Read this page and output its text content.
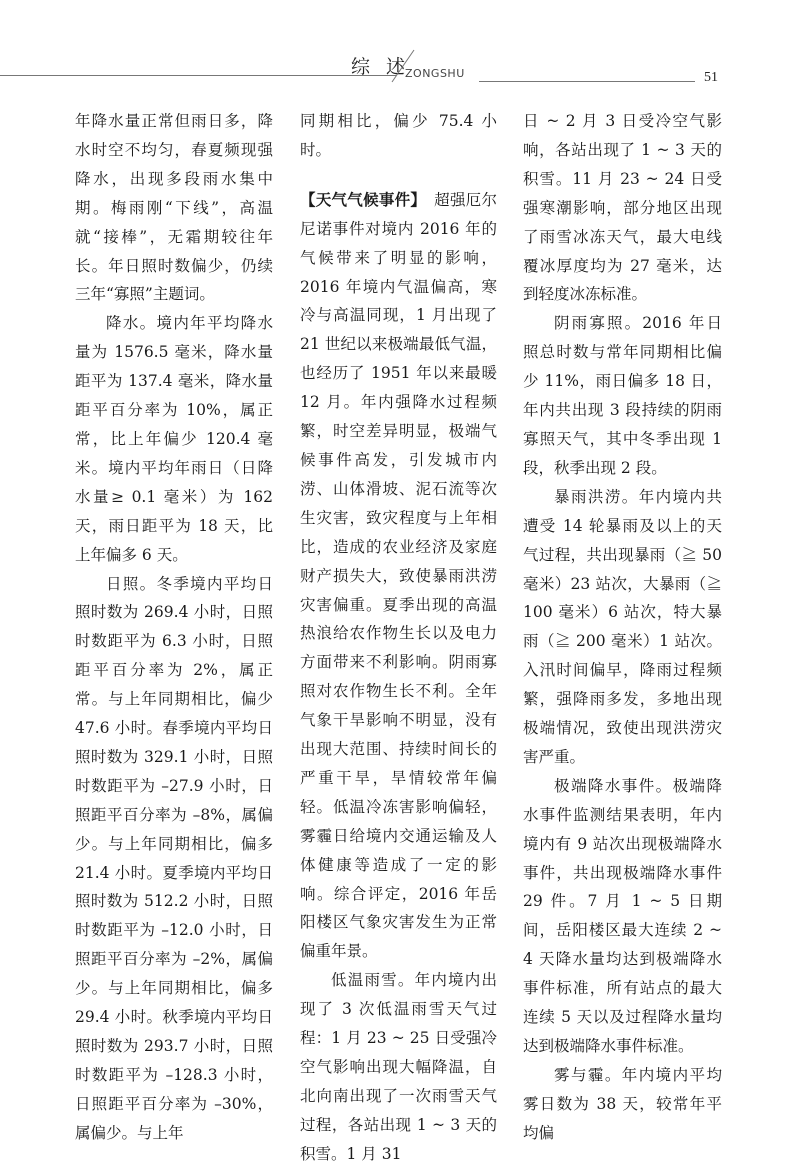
综 述
ZONGSHU	51

年降水量正常但雨日多，降水时空不均匀，春夏频现强降水，出现多段雨水集中期。梅雨刚“下线”，高温就“接棒”，无霜期较往年长。年日照时数偏少，仍续三年“寡照”主题词。

降水。境内年平均降水量为 1576.5 毫米，降水量距平为 137.4 毫米，降水量距平百分率为 10%，属正常，比上年偏少 120.4 毫米。境内平均年雨日（日降水量≥ 0.1 毫米）为 162 天，雨日距平为 18 天，比上年偏多 6 天。

日照。冬季境内平均日照时数为 269.4 小时，日照时数距平为 6.3 小时，日照距平百分率为 2%，属正常。与上年同期相比，偏少 47.6 小时。春季境内平均日照时数为 329.1 小时，日照时数距平为 –27.9 小时，日照距平百分率为 –8%，属偏少。与上年同期相比，偏多 21.4 小时。夏季境内平均日照时数为 512.2 小时，日照时数距平为 –12.0 小时，日照距平百分率为 –2%，属偏少。与上年同期相比，偏多 29.4 小时。秋季境内平均日照时数为 293.7 小时，日照时数距平为 –128.3 小时，日照距平百分率为 –30%，属偏少。与上年

同期相比，偏少 75.4 小时。

【天气气候事件】  超强厄尔尼诺事件对境内 2016 年的气候带来了明显的影响，2016 年境内气温偏高，寒冷与高温同现，1 月出现了 21 世纪以来极端最低气温，也经历了 1951 年以来最暖 12 月。年内强降水过程频繁，时空差异明显，极端气候事件高发，引发城市内涝、山体滑坡、泥石流等次生灾害，致灾程度与上年相比，造成的农业经济及家庭财产损失大，致使暴雨洪涝灾害偏重。夏季出现的高温热浪给农作物生长以及电力方面带来不利影响。阴雨寡照对农作物生长不利。全年气象干旱影响不明显，没有出现大范围、持续时间长的严重干旱，旱情较常年偏轻。低温冷冻害影响偏轻，雾霾日给境内交通运输及人体健康等造成了一定的影响。综合评定，2016 年岳阳楼区气象灾害发生为正常偏重年景。

低温雨雪。年内境内出现了 3 次低温雨雪天气过程：1 月 23 ~ 25 日受强冷空气影响出现大幅降温，自北向南出现了一次雨雪天气过程，各站出现 1 ~ 3 天的积雪。1 月 31

日 ~ 2 月 3 日受冷空气影响，各站出现了 1 ~ 3 天的积雪。11 月 23 ~ 24 日受强寒潮影响，部分地区出现了雨雪冰冻天气，最大电线覆冰厚度均为 27 毫米，达到轻度冰冻标准。

阴雨寡照。2016 年日照总时数与常年同期相比偏少 11%，雨日偏多 18 日，年内共出现 3 段持续的阴雨寡照天气，其中冬季出现 1 段，秋季出现 2 段。

暴雨洪涝。年内境内共遭受 14 轮暴雨及以上的天气过程，共出现暴雨（≧ 50 毫米）23 站次，大暴雨（≧ 100 毫米）6 站次，特大暴雨（≧ 200 毫米）1 站次。入汛时间偏早，降雨过程频繁，强降雨多发，多地出现极端情况，致使出现洪涝灾害严重。

极端降水事件。极端降水事件监测结果表明，年内境内有 9 站次出现极端降水事件，共出现极端降水事件 29 件。7 月 1 ~ 5 日期间，岳阳楼区最大连续 2 ~ 4 天降水量均达到极端降水事件标准，所有站点的最大连续 5 天以及过程降水量均达到极端降水事件标准。

雾与霾。年内境内平均雾日数为 38 天，较常年平均偏
